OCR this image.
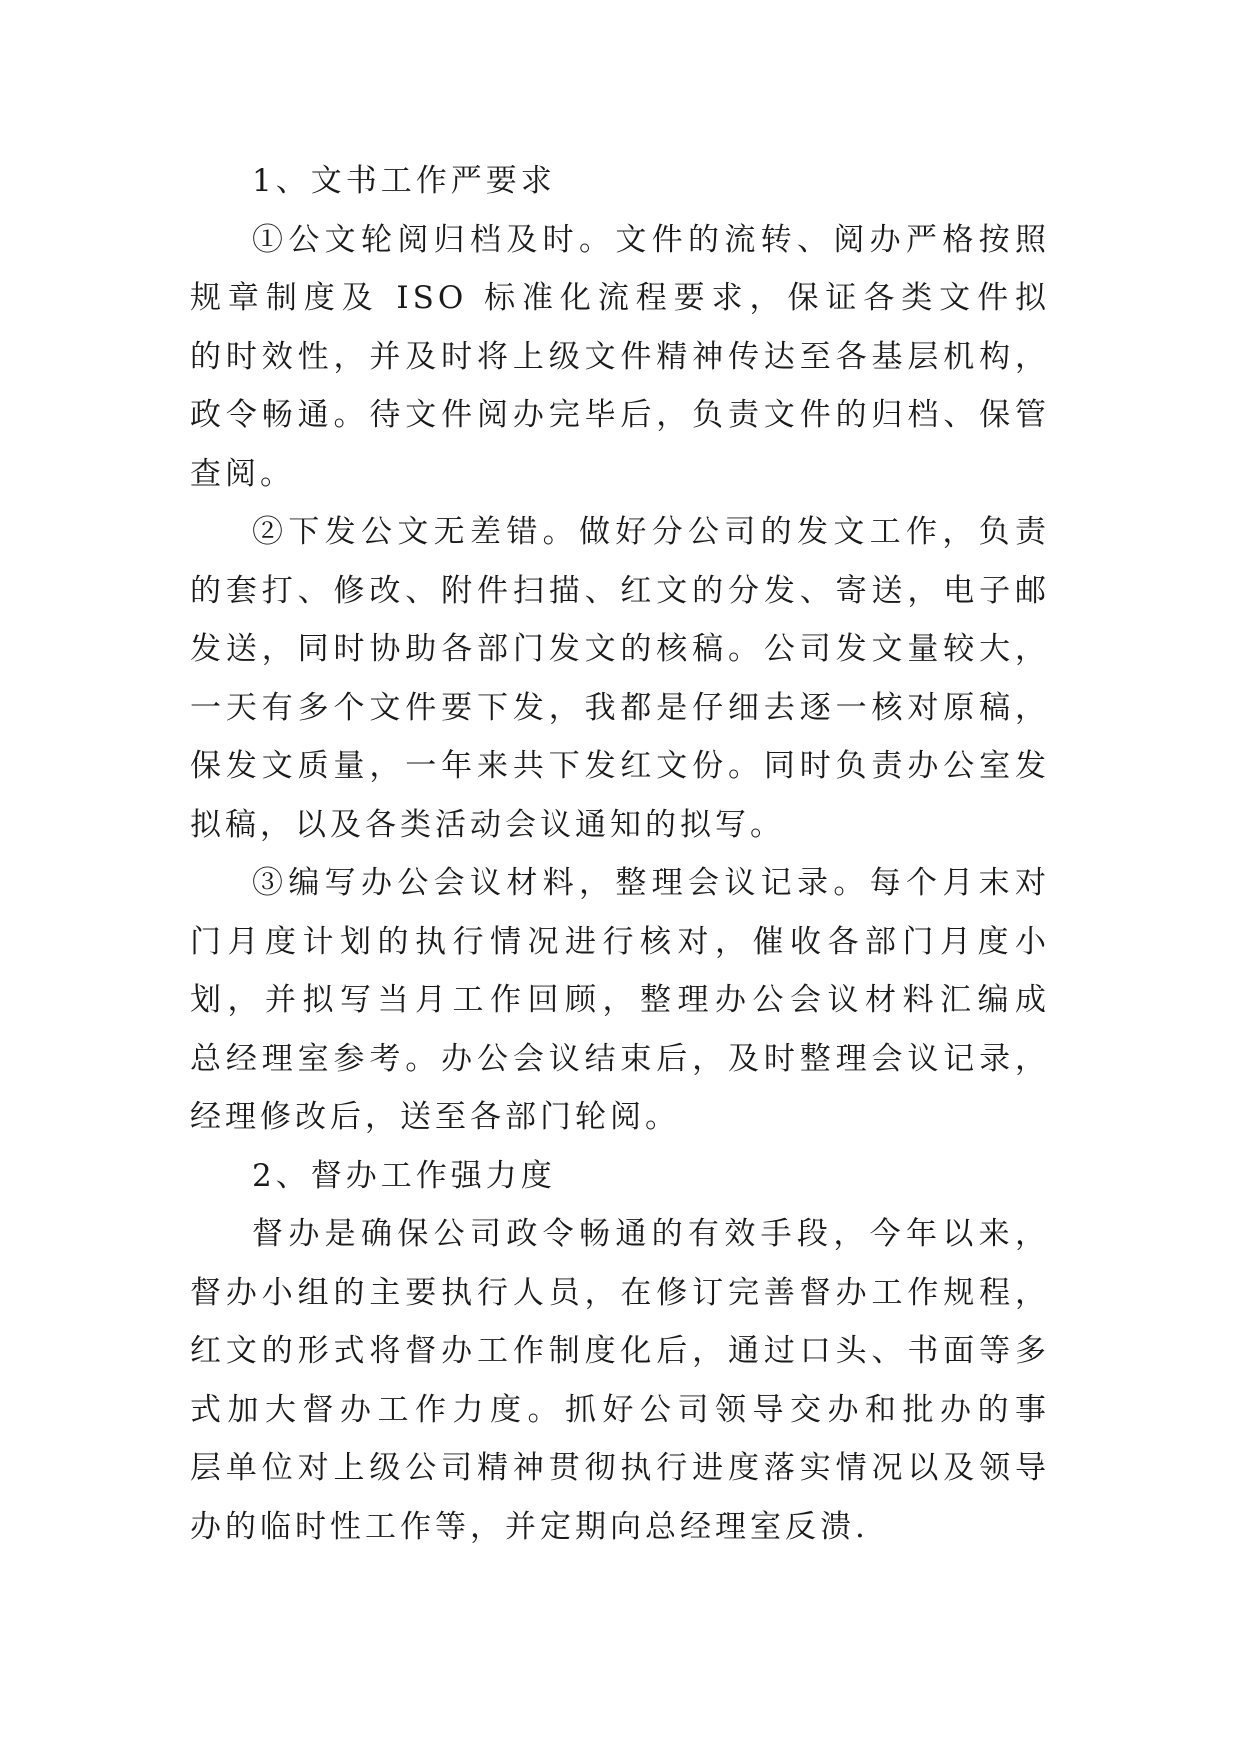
1、文书工作严要求
①公文轮阅归档及时。文件的流转、阅办严格按照
规章制度及 ISO 标准化流程要求，保证各类文件拟
的时效性，并及时将上级文件精神传达至各基层机构，
政令畅通。待文件阅办完毕后，负责文件的归档、保管
查阅。
②下发公文无差错。做好分公司的发文工作，负责
的套打、修改、附件扫描、红文的分发、寄送，电子邮
发送，同时协助各部门发文的核稿。公司发文量较大，
一天有多个文件要下发，我都是仔细去逐一核对原稿，
保发文质量，一年来共下发红文份。同时负责办公室发
拟稿，以及各类活动会议通知的拟写。
③编写办公会议材料，整理会议记录。每个月末对
门月度计划的执行情况进行核对，催收各部门月度小
划，并拟写当月工作回顾，整理办公会议材料汇编成
总经理室参考。办公会议结束后，及时整理会议记录，
经理修改后，送至各部门轮阅。
2、督办工作强力度
督办是确保公司政令畅通的有效手段，今年以来，
督办小组的主要执行人员，在修订完善督办工作规程，
红文的形式将督办工作制度化后，通过口头、书面等多
式加大督办工作力度。抓好公司领导交办和批办的事
层单位对上级公司精神贯彻执行进度落实情况以及领导
办的临时性工作等，并定期向总经理室反溃.
